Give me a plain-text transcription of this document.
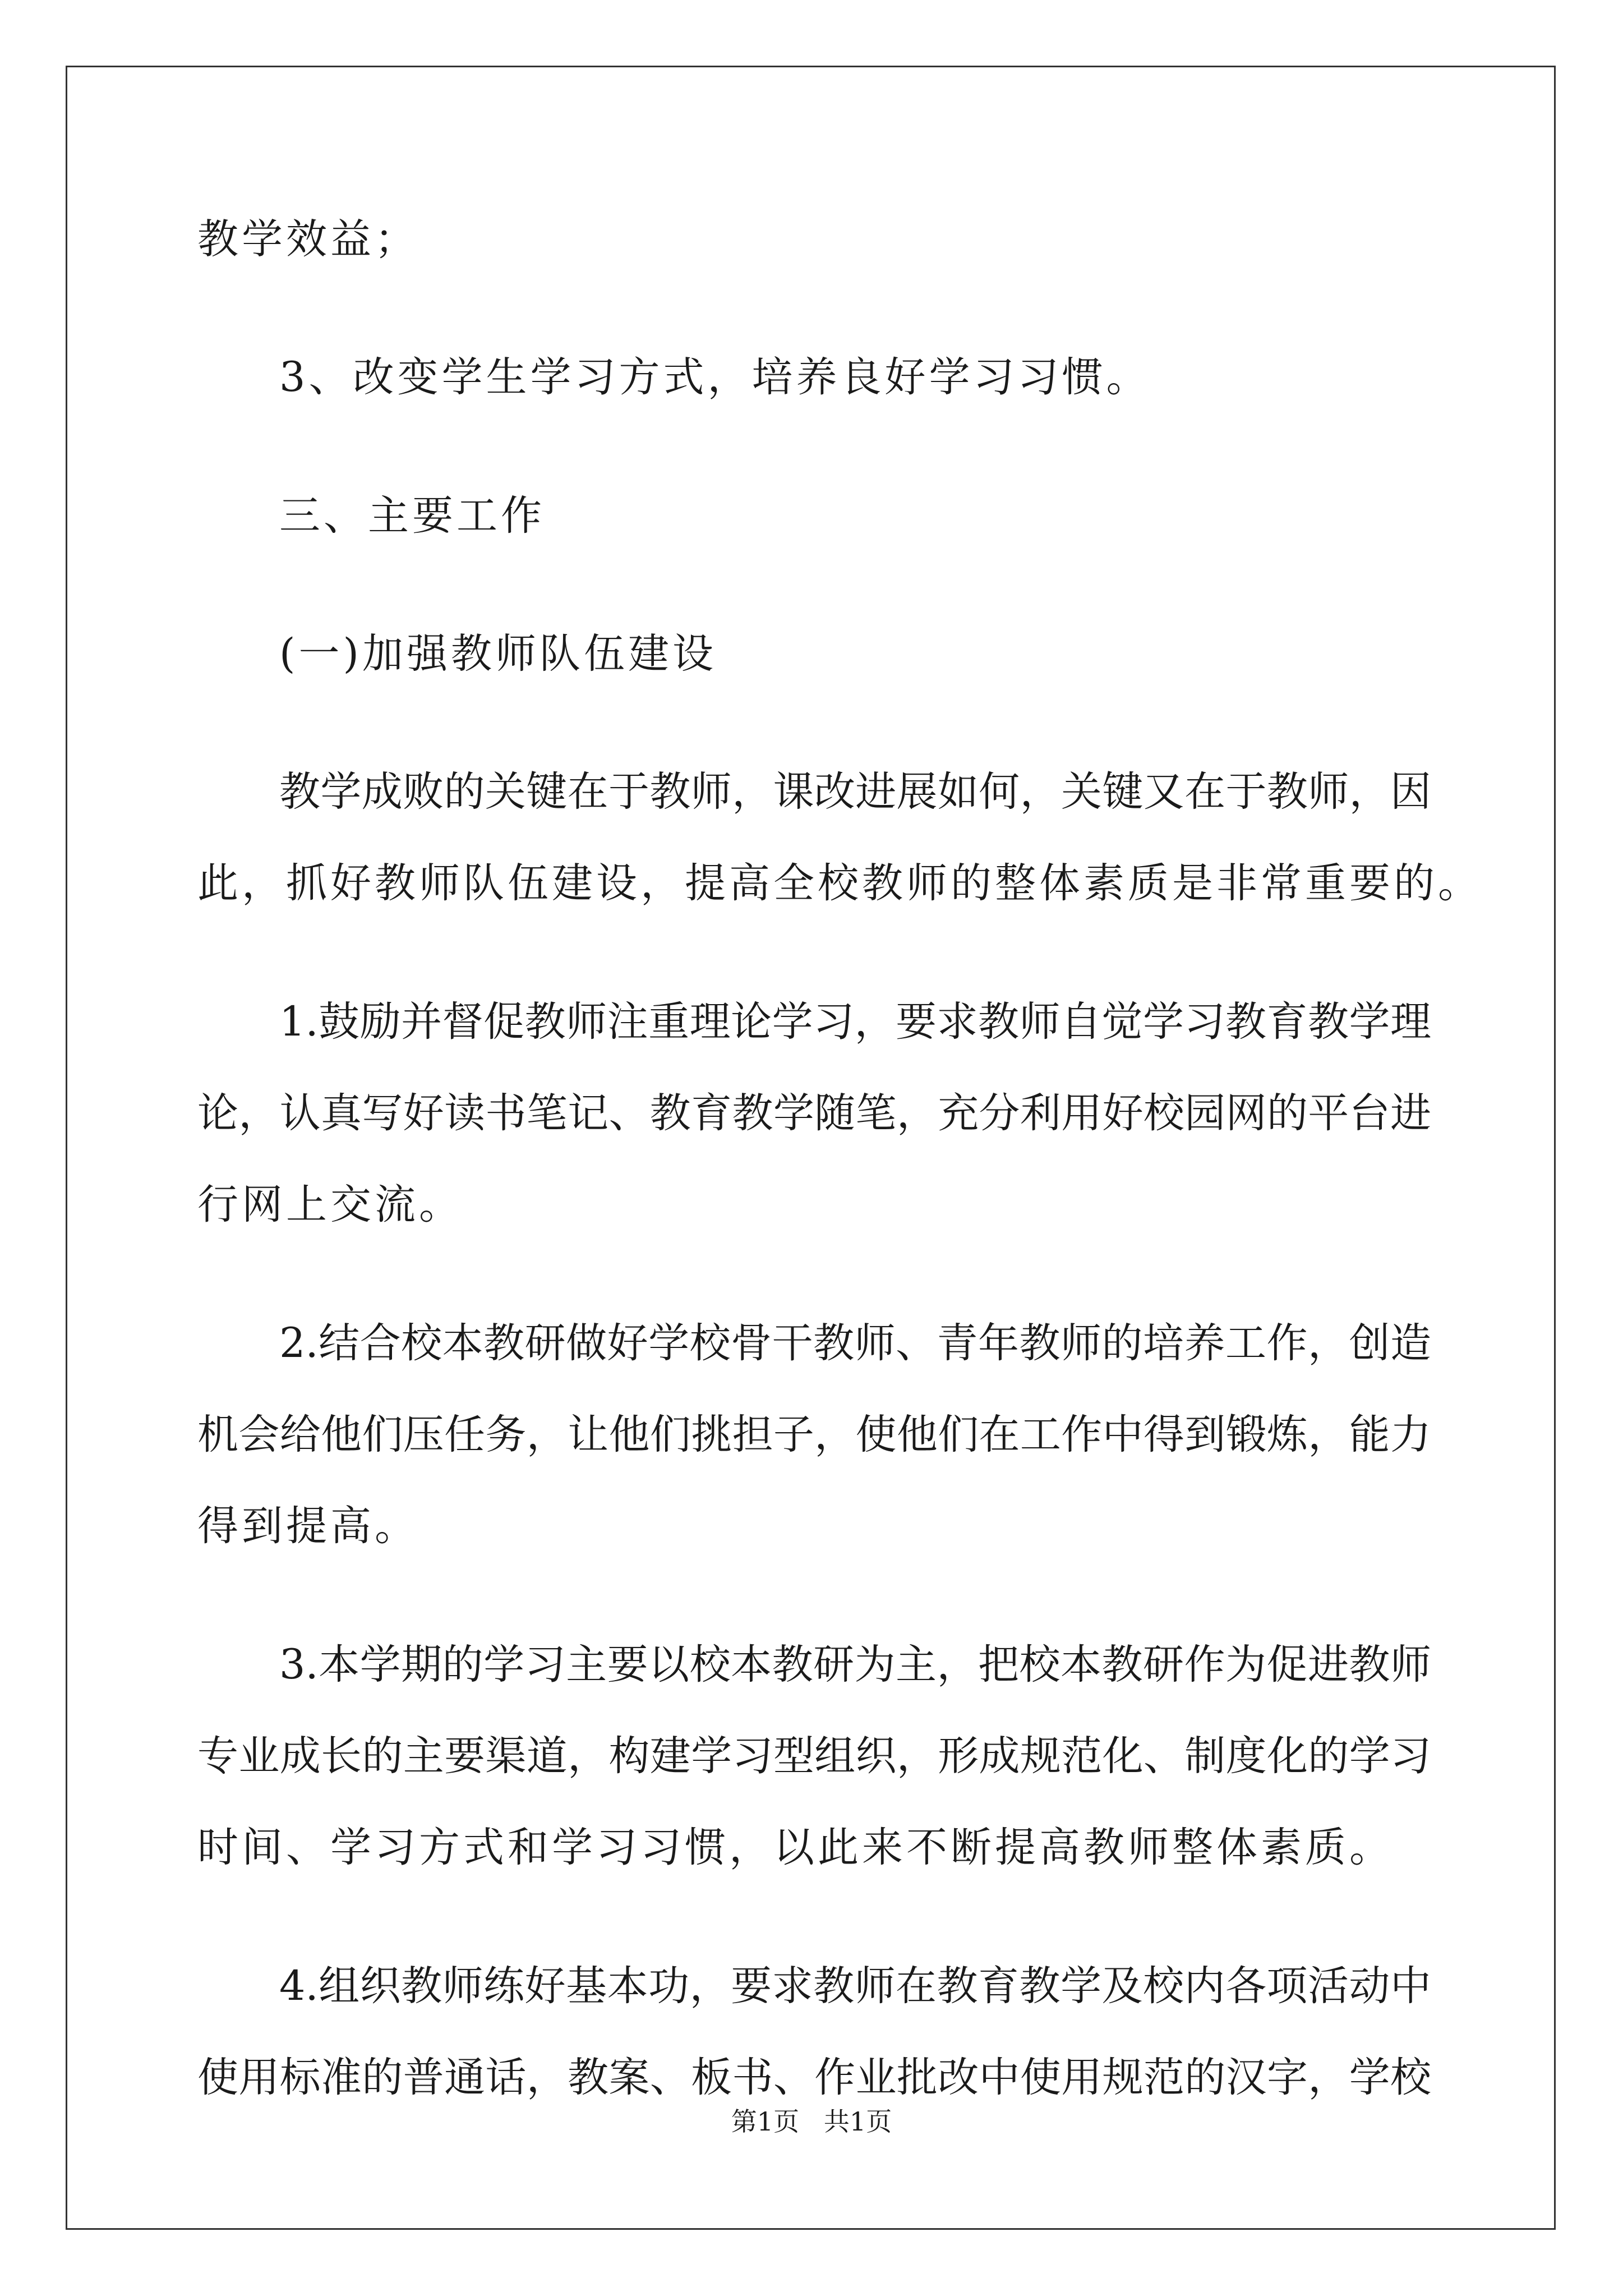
教学效益；
3、改变学生学习方式，培养良好学习习惯。
三、主要工作
(一)加强教师队伍建设
教学成败的关键在于教师，课改进展如何，关键又在于教师，因
此，抓好教师队伍建设，提高全校教师的整体素质是非常重要的。
1.鼓励并督促教师注重理论学习，要求教师自觉学习教育教学理
论，认真写好读书笔记、教育教学随笔，充分利用好校园网的平台进
行网上交流。
2.结合校本教研做好学校骨干教师、青年教师的培养工作，创造
机会给他们压任务，让他们挑担子，使他们在工作中得到锻炼，能力
得到提高。
3.本学期的学习主要以校本教研为主，把校本教研作为促进教师
专业成长的主要渠道，构建学习型组织，形成规范化、制度化的学习
时间、学习方式和学习习惯，以此来不断提高教师整体素质。
4.组织教师练好基本功，要求教师在教育教学及校内各项活动中
使用标准的普通话，教案、板书、作业批改中使用规范的汉字，学校
第1页   共1页
